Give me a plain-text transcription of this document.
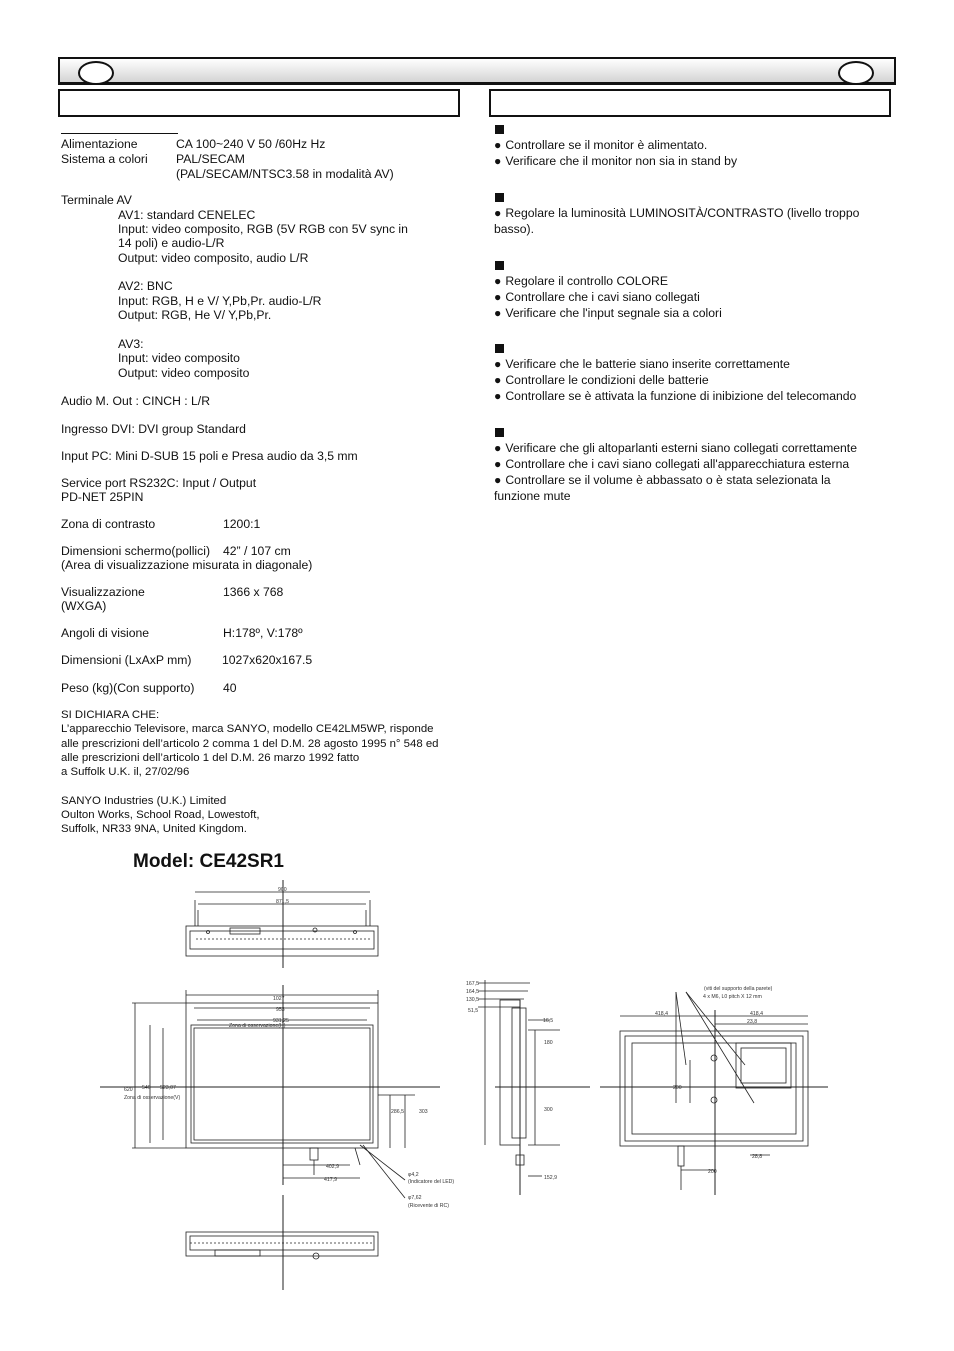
Alimentazione	CA 100~240 V 50 /60Hz Hz
Sistema a colori PAL/SECAM
(PAL/SECAM/NTSC3.58 in modalità AV)
Terminale AV
AV1: standard CENELEC
Input: video composito, RGB (5V RGB con 5V sync in
14 poli) e audio-L/R
Output: video composito, audio L/R
AV2: BNC
Input: RGB, H e V/ Y,Pb,Pr. audio-L/R
Output: RGB, He V/ Y,Pb,Pr.
AV3:
Input: video composito
Output: video composito
Audio M. Out : CINCH : L/R
Ingresso DVI: DVI group Standard
Input PC: Mini D-SUB 15 poli e Presa audio da 3,5 mm
Service port RS232C: Input / Output
PD-NET 25PIN
Zona di contrasto	1200:1
Dimensioni schermo(pollici) 42” / 107 cm
(Area di visualizzazione misurata in diagonale)
Visualizzazione	1366 x 768
(WXGA)
Angoli di visione	H:178º, V:178º
Dimensioni (LxAxP mm)	1027x620x167.5
Peso (kg)(Con supporto) 40
SI DICHIARA CHE:
L’apparecchio Televisore, marca SANYO, modello CE42LM5WP, risponde
alle prescrizioni dell’articolo 2 comma 1 del D.M. 28 agosto 1995 n° 548 ed
alle prescrizioni dell’articolo 1 del D.M. 26 marzo 1992 fatto
a Suffolk U.K. il, 27/02/96
SANYO Industries (U.K.) Limited
Oulton Works, School Road, Lowestoft,
Suffolk, NR33 9NA, United Kingdom.
● Controllare se il monitor è alimentato.
● Verificare che il monitor non sia in stand by
● Regolare la luminosità LUMINOSITÀ/CONTRASTO (livello troppo
basso).
● Regolare il controllo COLORE
● Controllare che i cavi siano collegati
● Verificare che l'input segnale sia a colori
● Verificare che le batterie siano inserite correttamente
● Controllare le condizioni delle batterie
● Controllare se è attivata la funzione di inibizione del telecomando
● Verificare che gli altoparlanti esterni siano collegati correttamente
● Controllare che i cavi siano collegati all'apparecchiatura esterna
● Controllare se il volume è abbassato o è stata selezionata la
funzione mute
Model: CE42SR1
900
871,5
1027
953
931,25
Zona di osservazione(H)
620 546 523,07
Zona di osservazione(V)
286,5	303
402,9
417,9
φ4,2
(Indicatore del LED)
φ7,62
(Ricevente di RC)
167,5
164,5
130,5
51,5
16,5
180
300
152,9
(viti del supporto della parete)
4 x M6, L0 pitch X 12 mm
418,4	418,4
23,8
200
200
28,8
